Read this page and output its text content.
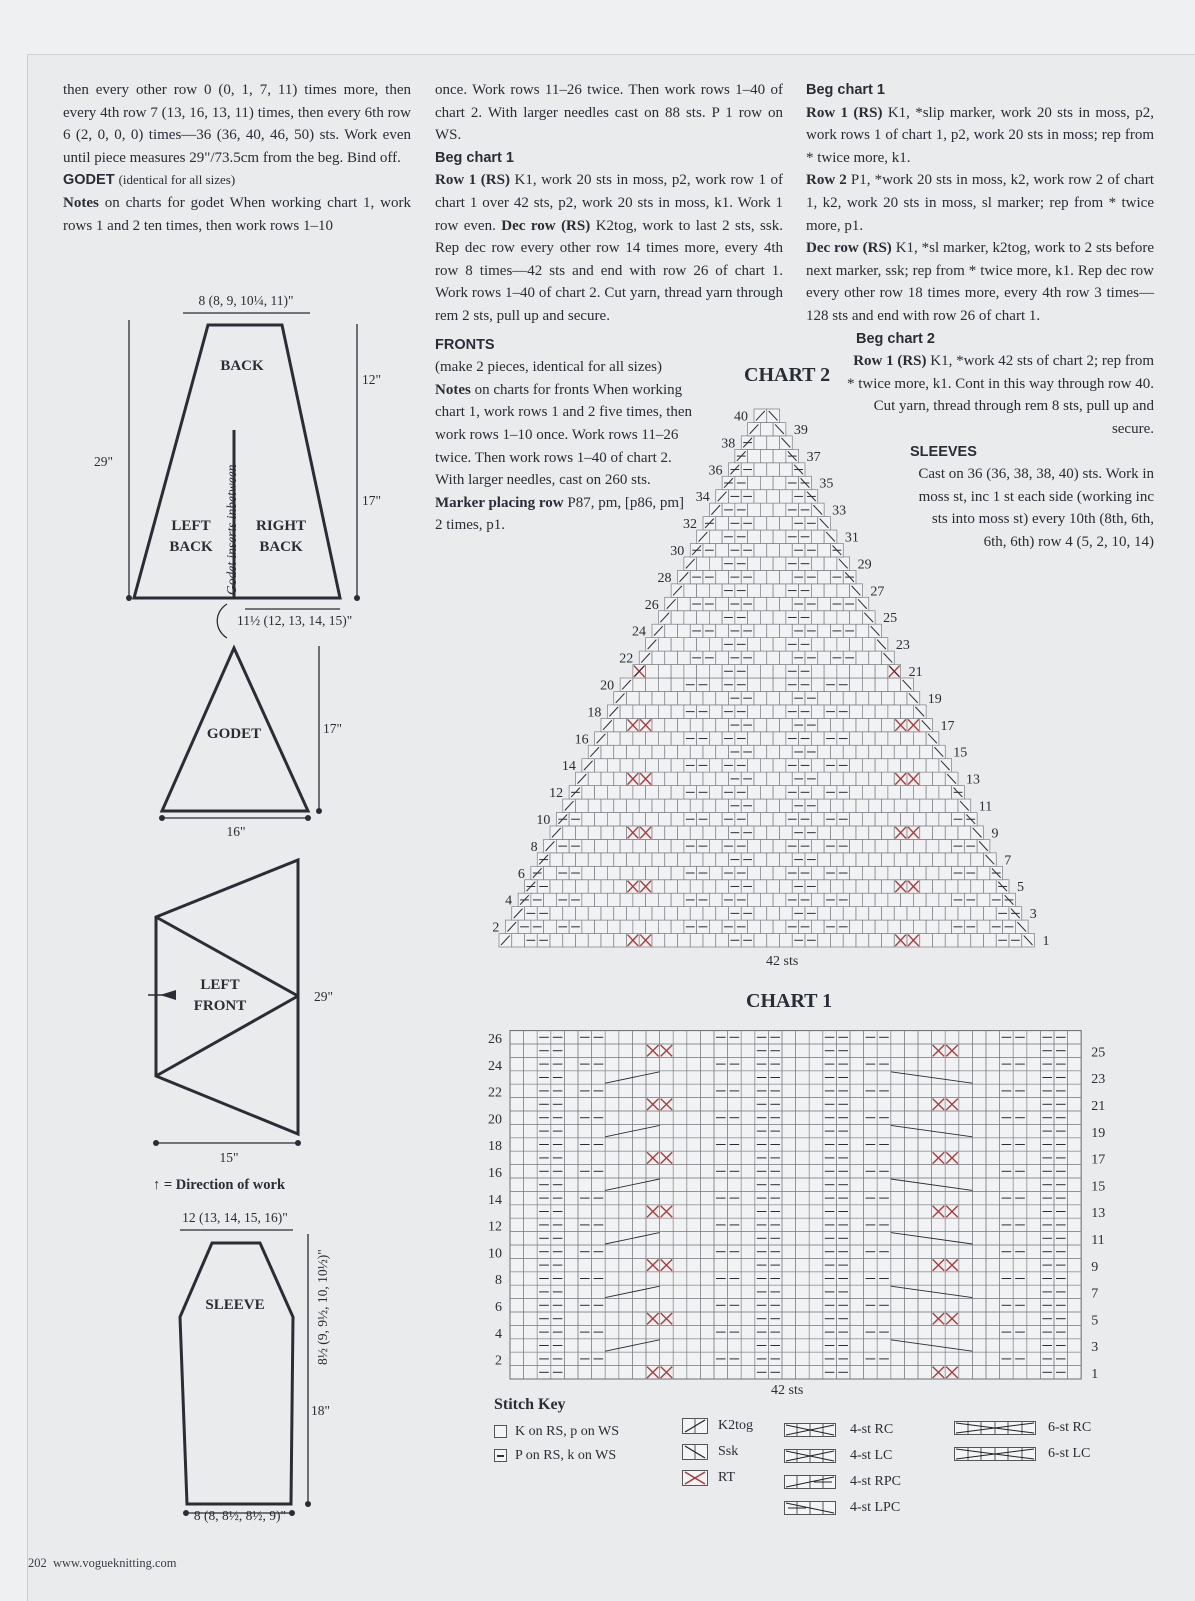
then every other row 0 (0, 1, 7, 11) times more, then every 4th row 7 (13, 16, 13, 11) times, then every 6th row 6 (2, 0, 0, 0) times—36 (36, 40, 46, 50) sts. Work even until piece measures 29"/73.5cm from the beg. Bind off.

GODET (identical for all sizes)

Notes on charts for godet When working chart 1, work rows 1 and 2 ten times, then work rows 1–10

once. Work rows 11–26 twice. Then work rows 1–40 of chart 2. With larger needles cast on 88 sts. P 1 row on WS.

Beg chart 1

Row 1 (RS) K1, work 20 sts in moss, p2, work row 1 of chart 1 over 42 sts, p2, work 20 sts in moss, k1. Work 1 row even. Dec row (RS) K2tog, work to last 2 sts, ssk. Rep dec row every other row 14 times more, every 4th row 8 times—42 sts and end with row 26 of chart 1. Work rows 1–40 of chart 2. Cut yarn, thread yarn through rem 2 sts, pull up and secure.

FRONTS

(make 2 pieces, identical for all sizes)

Notes on charts for fronts When working chart 1, work rows 1 and 2 five times, then work rows 1–10 once. Work rows 11–26 twice. Then work rows 1–40 of chart 2. With larger needles, cast on 260 sts. Marker placing row P87, pm, [p86, pm] 2 times, p1.

Beg chart 1

Row 1 (RS) K1, *slip marker, work 20 sts in moss, p2, work rows 1 of chart 1, p2, work 20 sts in moss; rep from * twice more, k1.

Row 2 P1, *work 20 sts in moss, k2, work row 2 of chart 1, k2, work 20 sts in moss, sl marker; rep from * twice more, p1.

Dec row (RS) K1, *sl marker, k2tog, work to 2 sts before next marker, ssk; rep from * twice more, k1. Rep dec row every other row 18 times more, every 4th row 3 times—128 sts and end with row 26 of chart 1.

Beg chart 2

Row 1 (RS) K1, *work 42 sts of chart 2; rep from * twice more, k1. Cont in this way through row 40. Cut yarn, thread through rem 8 sts, pull up and secure.

SLEEVES

Cast on 36 (36, 38, 38, 40) sts. Work in moss st, inc 1 st each side (working inc sts into moss st) every 10th (8th, 6th, 6th, 6th) row 4 (5, 2, 10, 14)

8 (8, 9, 10¼, 11)"
BACK
12"
29"
17"
LEFT
BACK
RIGHT
BACK
Godet inserts inbetween
11½ (12, 13, 14, 15)"
GODET	17"
16"
LEFT
FRONT
29"
15"
↑ = Direction of work
12 (13, 14, 15, 16)"
SLEEVE	8½ (9, 9½, 10, 10½)"
18"
8 (8, 8½, 8½, 9)"
CHART 2
1
2
3
4
5
6
7
8
9
10
11
12
13
14
15
16
17
18
19
20
21
22
23
24
25
26
27
28
29
30
31
32
33
34
35
36
37
38
39
40
42 sts
CHART 1
1
2
3
4
5
6
7
8
9
10
11
12
13
14
15
16
17
18
19
20
21
22
23
24
25
26
42 sts
Stitch Key
K on RS, p on WS
P on RS, k on WS
K2tog
Ssk
RT
4-st RC
4-st LC
4-st RPC
4-st LPC
6-st RC
6-st LC
202 www.vogueknitting.com
